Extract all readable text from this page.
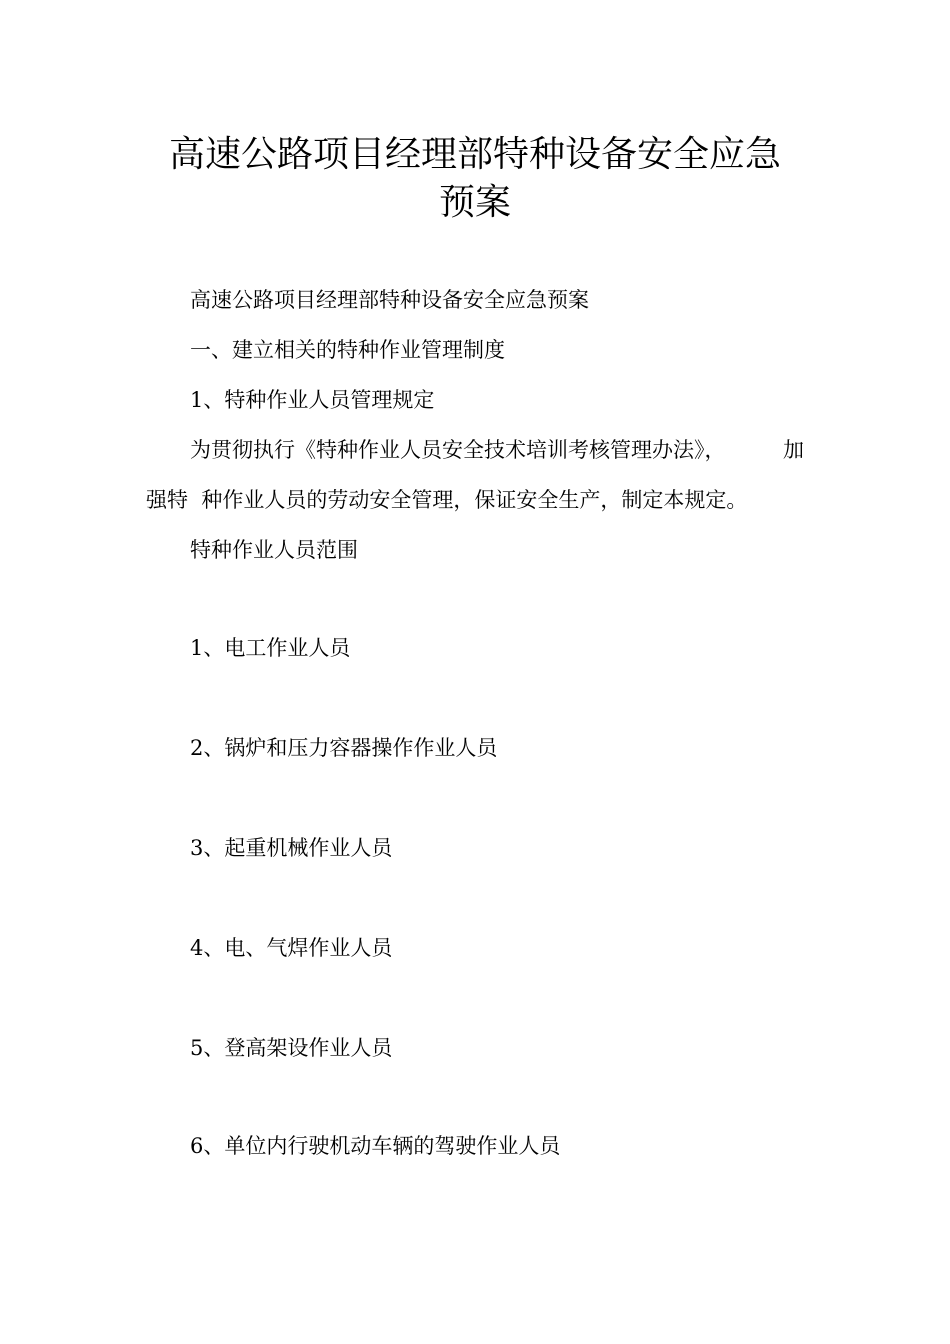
高速公路项目经理部特种设备安全应急
预案

高速公路项目经理部特种设备安全应急预案

一、建立相关的特种作业管理制度

1、特种作业人员管理规定

为贯彻执行《特种作业人员安全技术培训考核管理办法》，	加

强特  种作业人员的劳动安全管理，保证安全生产，制定本规定。

特种作业人员范围

1、电工作业人员

2、锅炉和压力容器操作作业人员

3、起重机械作业人员

4、电、气焊作业人员

5、登高架设作业人员

6、单位内行驶机动车辆的驾驶作业人员
